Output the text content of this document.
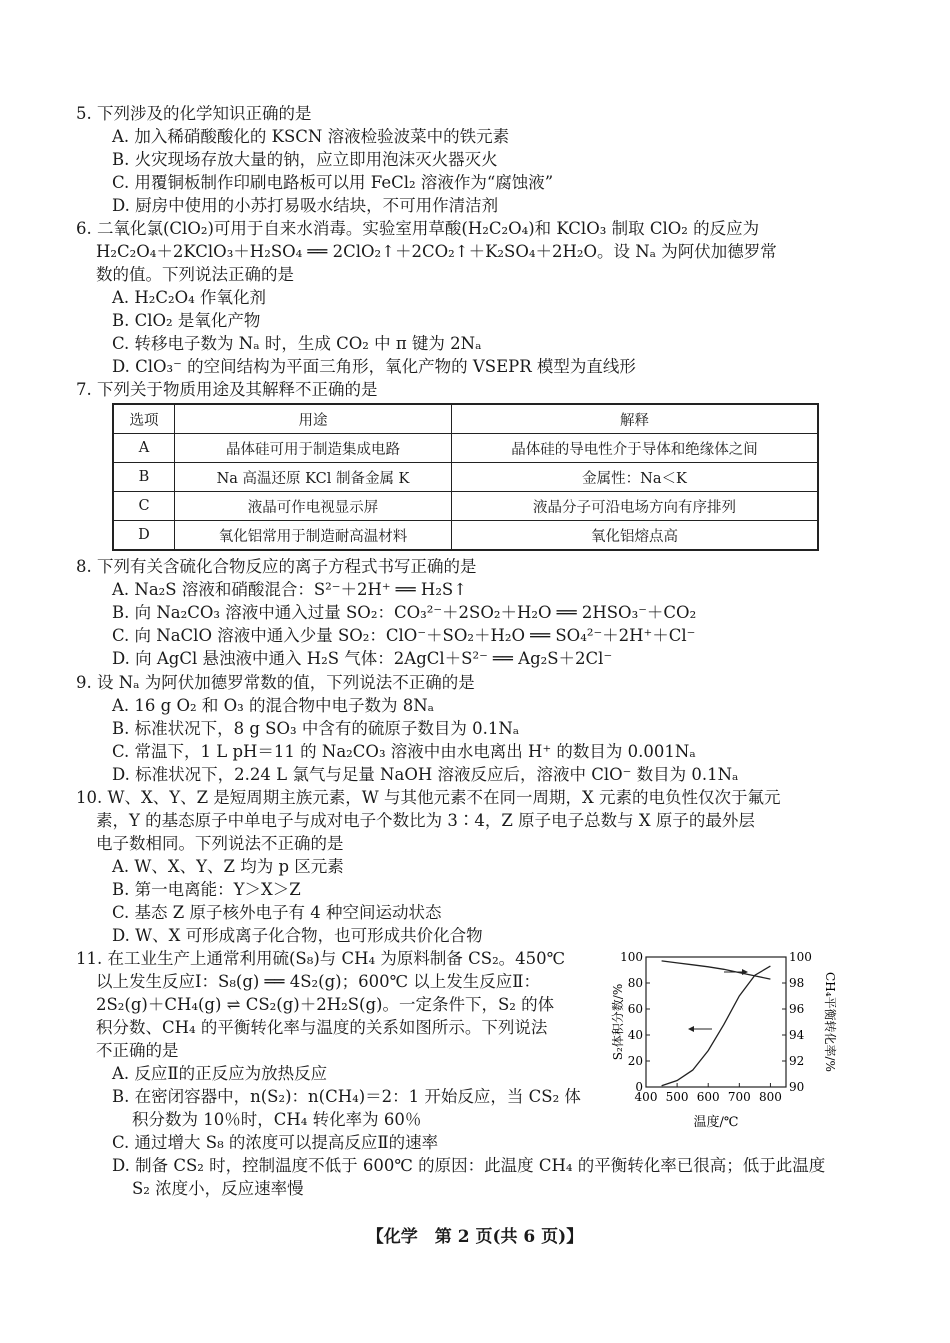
5. 下列涉及的化学知识正确的是
A. 加入稀硝酸酸化的 KSCN 溶液检验波菜中的铁元素
B. 火灾现场存放大量的钠，应立即用泡沫灭火器灭火
C. 用覆铜板制作印刷电路板可以用 FeCl₂ 溶液作为“腐蚀液”
D. 厨房中使用的小苏打易吸水结块，不可用作清洁剂
6. 二氧化氯(ClO₂)可用于自来水消毒。实验室用草酸(H₂C₂O₄)和 KClO₃ 制取 ClO₂ 的反应为
H₂C₂O₄＋2KClO₃＋H₂SO₄ ══ 2ClO₂↑＋2CO₂↑＋K₂SO₄＋2H₂O。设 Nₐ 为阿伏加德罗常
数的值。下列说法正确的是
A. H₂C₂O₄ 作氧化剂
B. ClO₂ 是氧化产物
C. 转移电子数为 Nₐ 时，生成 CO₂ 中 π 键为 2Nₐ
D. ClO₃⁻ 的空间结构为平面三角形，氧化产物的 VSEPR 模型为直线形
7. 下列关于物质用途及其解释不正确的是
选项	用途	解释
A	晶体硅可用于制造集成电路	晶体硅的导电性介于导体和绝缘体之间
B	Na 高温还原 KCl 制备金属 K	金属性：Na＜K
C	液晶可作电视显示屏	液晶分子可沿电场方向有序排列
D	氧化铝常用于制造耐高温材料	氧化铝熔点高
8. 下列有关含硫化合物反应的离子方程式书写正确的是
A. Na₂S 溶液和硝酸混合：S²⁻＋2H⁺ ══ H₂S↑
B. 向 Na₂CO₃ 溶液中通入过量 SO₂：CO₃²⁻＋2SO₂＋H₂O ══ 2HSO₃⁻＋CO₂
C. 向 NaClO 溶液中通入少量 SO₂：ClO⁻＋SO₂＋H₂O ══ SO₄²⁻＋2H⁺＋Cl⁻
D. 向 AgCl 悬浊液中通入 H₂S 气体：2AgCl＋S²⁻ ══ Ag₂S＋2Cl⁻
9. 设 Nₐ 为阿伏加德罗常数的值，下列说法不正确的是
A. 16 g O₂ 和 O₃ 的混合物中电子数为 8Nₐ
B. 标准状况下，8 g SO₃ 中含有的硫原子数目为 0.1Nₐ
C. 常温下，1 L pH＝11 的 Na₂CO₃ 溶液中由水电离出 H⁺ 的数目为 0.001Nₐ
D. 标准状况下，2.24 L 氯气与足量 NaOH 溶液反应后，溶液中 ClO⁻ 数目为 0.1Nₐ
10. W、X、Y、Z 是短周期主族元素，W 与其他元素不在同一周期，X 元素的电负性仅次于氟元
素，Y 的基态原子中单电子与成对电子个数比为 3∶4，Z 原子电子总数与 X 原子的最外层
电子数相同。下列说法不正确的是
A. W、X、Y、Z 均为 p 区元素
B. 第一电离能：Y＞X＞Z
C. 基态 Z 原子核外电子有 4 种空间运动状态
D. W、X 可形成离子化合物，也可形成共价化合物
11. 在工业生产上通常利用硫(S₈)与 CH₄ 为原料制备 CS₂。450℃
以上发生反应Ⅰ：S₈(g) ══ 4S₂(g)；600℃ 以上发生反应Ⅱ：
2S₂(g)＋CH₄(g) ⇌ CS₂(g)＋2H₂S(g)。一定条件下，S₂ 的体
积分数、CH₄ 的平衡转化率与温度的关系如图所示。下列说法
不正确的是
A. 反应Ⅱ的正反应为放热反应
B. 在密闭容器中，n(S₂)：n(CH₄)＝2：1 开始反应，当 CS₂ 体
积分数为 10％时，CH₄ 转化率为 60％
C. 通过增大 S₈ 的浓度可以提高反应Ⅱ的速率
D. 制备 CS₂ 时，控制温度不低于 600℃ 的原因：此温度 CH₄ 的平衡转化率已很高；低于此温度
S₂ 浓度小，反应速率慢
400 500 600 700 800
0
20
40
60
80
100
90
92
94
96
98
100
温度/℃
S₂体积分数/%	CH₄平衡转化率/%
【化学　第 2 页(共 6 页)】
